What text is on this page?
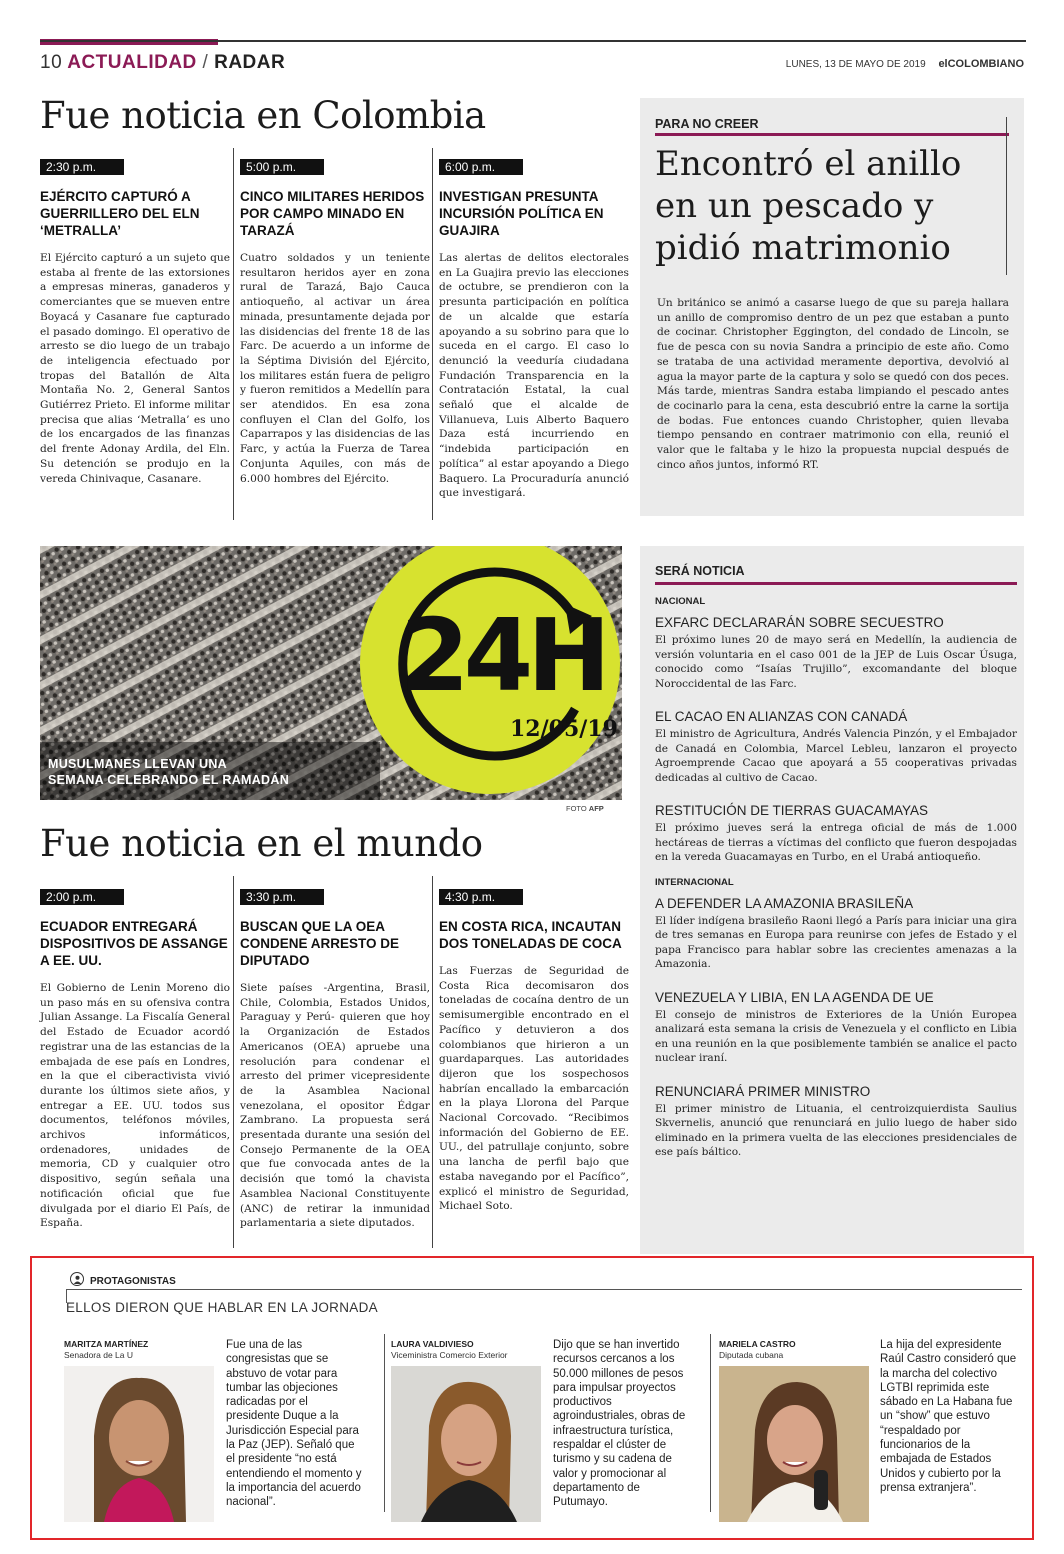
10 ACTUALIDAD / RADAR	LUNES, 13 DE MAYO DE 2019 elCOLOMBIANO
Fue noticia en Colombia
2:30 p.m.
EJÉRCITO CAPTURÓ A GUERRILLERO DEL ELN ‘METRALLA’
El Ejército capturó a un sujeto que estaba al frente de las extorsiones a empresas mineras, ganaderos y comerciantes que se mueven entre Boyacá y Casanare fue capturado el pasado domingo. El operativo de arresto se dio luego de un trabajo de inteligencia efectuado por tropas del Batallón de Alta Montaña No. 2, General Santos Gutiérrez Prieto. El informe militar precisa que alias ‘Metralla’ es uno de los encargados de las finanzas del frente Adonay Ardila, del Eln. Su detención se produjo en la vereda Chinivaque, Casanare.
5:00 p.m.
CINCO MILITARES HERIDOS POR CAMPO MINADO EN TARAZÁ
Cuatro soldados y un teniente resultaron heridos ayer en zona rural de Tarazá, Bajo Cauca antioqueño, al activar un área minada, presuntamente dejada por las disidencias del frente 18 de las Farc. De acuerdo a un informe de la Séptima División del Ejército, los militares están fuera de peligro y fueron remitidos a Medellín para ser atendidos. En esa zona confluyen el Clan del Golfo, los Caparrapos y las disidencias de las Farc, y actúa la Fuerza de Tarea Conjunta Aquiles, con más de 6.000 hombres del Ejército.
6:00 p.m.
INVESTIGAN PRESUNTA INCURSIÓN POLÍTICA EN GUAJIRA
Las alertas de delitos electorales en La Guajira previo las elecciones de octubre, se prendieron con la presunta participación en política de un alcalde que estaría apoyando a su sobrino para que lo suceda en el cargo. El caso lo denunció la veeduría ciudadana Fundación Transparencia en la Contratación Estatal, la cual señaló que el alcalde de Villanueva, Luis Alberto Baquero Daza está incurriendo en “indebida participación en política” al estar apoyando a Diego Baquero. La Procuraduría anunció que investigará.
PARA NO CREER
Encontró el anillo en un pescado y pidió matrimonio
Un británico se animó a casarse luego de que su pareja hallara un anillo de compromiso dentro de un pez que estaban a punto de cocinar. Christopher Eggington, del condado de Lincoln, se fue de pesca con su novia Sandra a principio de este año. Como se trataba de una actividad meramente deportiva, devolvió al agua la mayor parte de la captura y solo se quedó con dos peces. Más tarde, mientras Sandra estaba limpiando el pescado antes de cocinarlo para la cena, esta descubrió entre la carne la sortija de bodas. Fue entonces cuando Christopher, quien llevaba tiempo pensando en contraer matrimonio con ella, reunió el valor que le faltaba y le hizo la propuesta nupcial después de cinco años juntos, informó RT.
24H
12/05/19
MUSULMANES LLEVAN UNA
SEMANA CELEBRANDO EL RAMADÁN
FOTO AFP
SERÁ NOTICIA
NACIONAL
EXFARC DECLARARÁN SOBRE SECUESTRO
El próximo lunes 20 de mayo será en Medellín, la audiencia de versión voluntaria en el caso 001 de la JEP de Luis Oscar Úsuga, conocido como “Isaías Trujillo”, excomandante del bloque Noroccidental de las Farc.
EL CACAO EN ALIANZAS CON CANADÁ
El ministro de Agricultura, Andrés Valencia Pinzón, y el Embajador de Canadá en Colombia, Marcel Lebleu, lanzaron el proyecto Agroemprende Cacao que apoyará a 55 cooperativas privadas dedicadas al cultivo de Cacao.
RESTITUCIÓN DE TIERRAS GUACAMAYAS
El próximo jueves será la entrega oficial de más de 1.000 hectáreas de tierras a víctimas del conflicto que fueron despojadas en la vereda Guacamayas en Turbo, en el Urabá antioqueño.
INTERNACIONAL
A DEFENDER LA AMAZONIA BRASILEÑA
El líder indígena brasileño Raoni llegó a París para iniciar una gira de tres semanas en Europa para reunirse con jefes de Estado y el papa Francisco para hablar sobre las crecientes amenazas a la Amazonia.
VENEZUELA Y LIBIA, EN LA AGENDA DE UE
El consejo de ministros de Exteriores de la Unión Europea analizará esta semana la crisis de Venezuela y el conflicto en Libia en una reunión en la que posiblemente también se analice el pacto nuclear iraní.
RENUNCIARÁ PRIMER MINISTRO
El primer ministro de Lituania, el centroizquierdista Saulius Skvernelis, anunció que renunciará en julio luego de haber sido eliminado en la primera vuelta de las elecciones presidenciales de ese país báltico.
Fue noticia en el mundo
2:00 p.m.
ECUADOR ENTREGARÁ DISPOSITIVOS DE ASSANGE A EE. UU.
El Gobierno de Lenin Moreno dio un paso más en su ofensiva contra Julian Assange. La Fiscalía General del Estado de Ecuador acordó registrar una de las estancias de la embajada de ese país en Londres, en la que el ciberactivista vivió durante los últimos siete años, y entregar a EE. UU. todos sus documentos, teléfonos móviles, archivos informáticos, ordenadores, unidades de memoria, CD y cualquier otro dispositivo, según señala una notificación oficial que fue divulgada por el diario El País, de España.
3:30 p.m.
BUSCAN QUE LA OEA CONDENE ARRESTO DE DIPUTADO
Siete países -Argentina, Brasil, Chile, Colombia, Estados Unidos, Paraguay y Perú- quieren que hoy la Organización de Estados Americanos (OEA) apruebe una resolución para condenar el arresto del primer vicepresidente de la Asamblea Nacional venezolana, el opositor Édgar Zambrano. La propuesta será presentada durante una sesión del Consejo Permanente de la OEA que fue convocada antes de la decisión que tomó la chavista Asamblea Nacional Constituyente (ANC) de retirar la inmunidad parlamentaria a siete diputados.
4:30 p.m.
EN COSTA RICA, INCAUTAN DOS TONELADAS DE COCA
Las Fuerzas de Seguridad de Costa Rica decomisaron dos toneladas de cocaína dentro de un semisumergible encontrado en el Pacífico y detuvieron a dos colombianos que hirieron a un guardaparques. Las autoridades dijeron que los sospechosos habrían encallado la embarcación en la playa Llorona del Parque Nacional Corcovado. “Recibimos información del Gobierno de EE. UU., del patrullaje conjunto, sobre una lancha de perfil bajo que estaba navegando por el Pacífico”, explicó el ministro de Seguridad, Michael Soto.
PROTAGONISTAS
ELLOS DIERON QUE HABLAR EN LA JORNADA
MARITZA MARTÍNEZ
Senadora de La U
Fue una de las congresistas que se abstuvo de votar para tumbar las objeciones radicadas por el presidente Duque a la Jurisdicción Especial para la Paz (JEP). Señaló que el presidente “no está entendiendo el momento y la importancia del acuerdo nacional”.
LAURA VALDIVIESO
Viceministra Comercio Exterior
Dijo que se han invertido recursos cercanos a los 50.000 millones de pesos para impulsar proyectos productivos agroindustriales, obras de infraestructura turística, respaldar el clúster de turismo y su cadena de valor y promocionar al departamento de Putumayo.
MARIELA CASTRO
Diputada cubana
La hija del expresidente Raúl Castro consideró que la marcha del colectivo LGTBI reprimida este sábado en La Habana fue un “show” que estuvo “respaldado por funcionarios de la embajada de Estados Unidos y cubierto por la prensa extranjera”.
